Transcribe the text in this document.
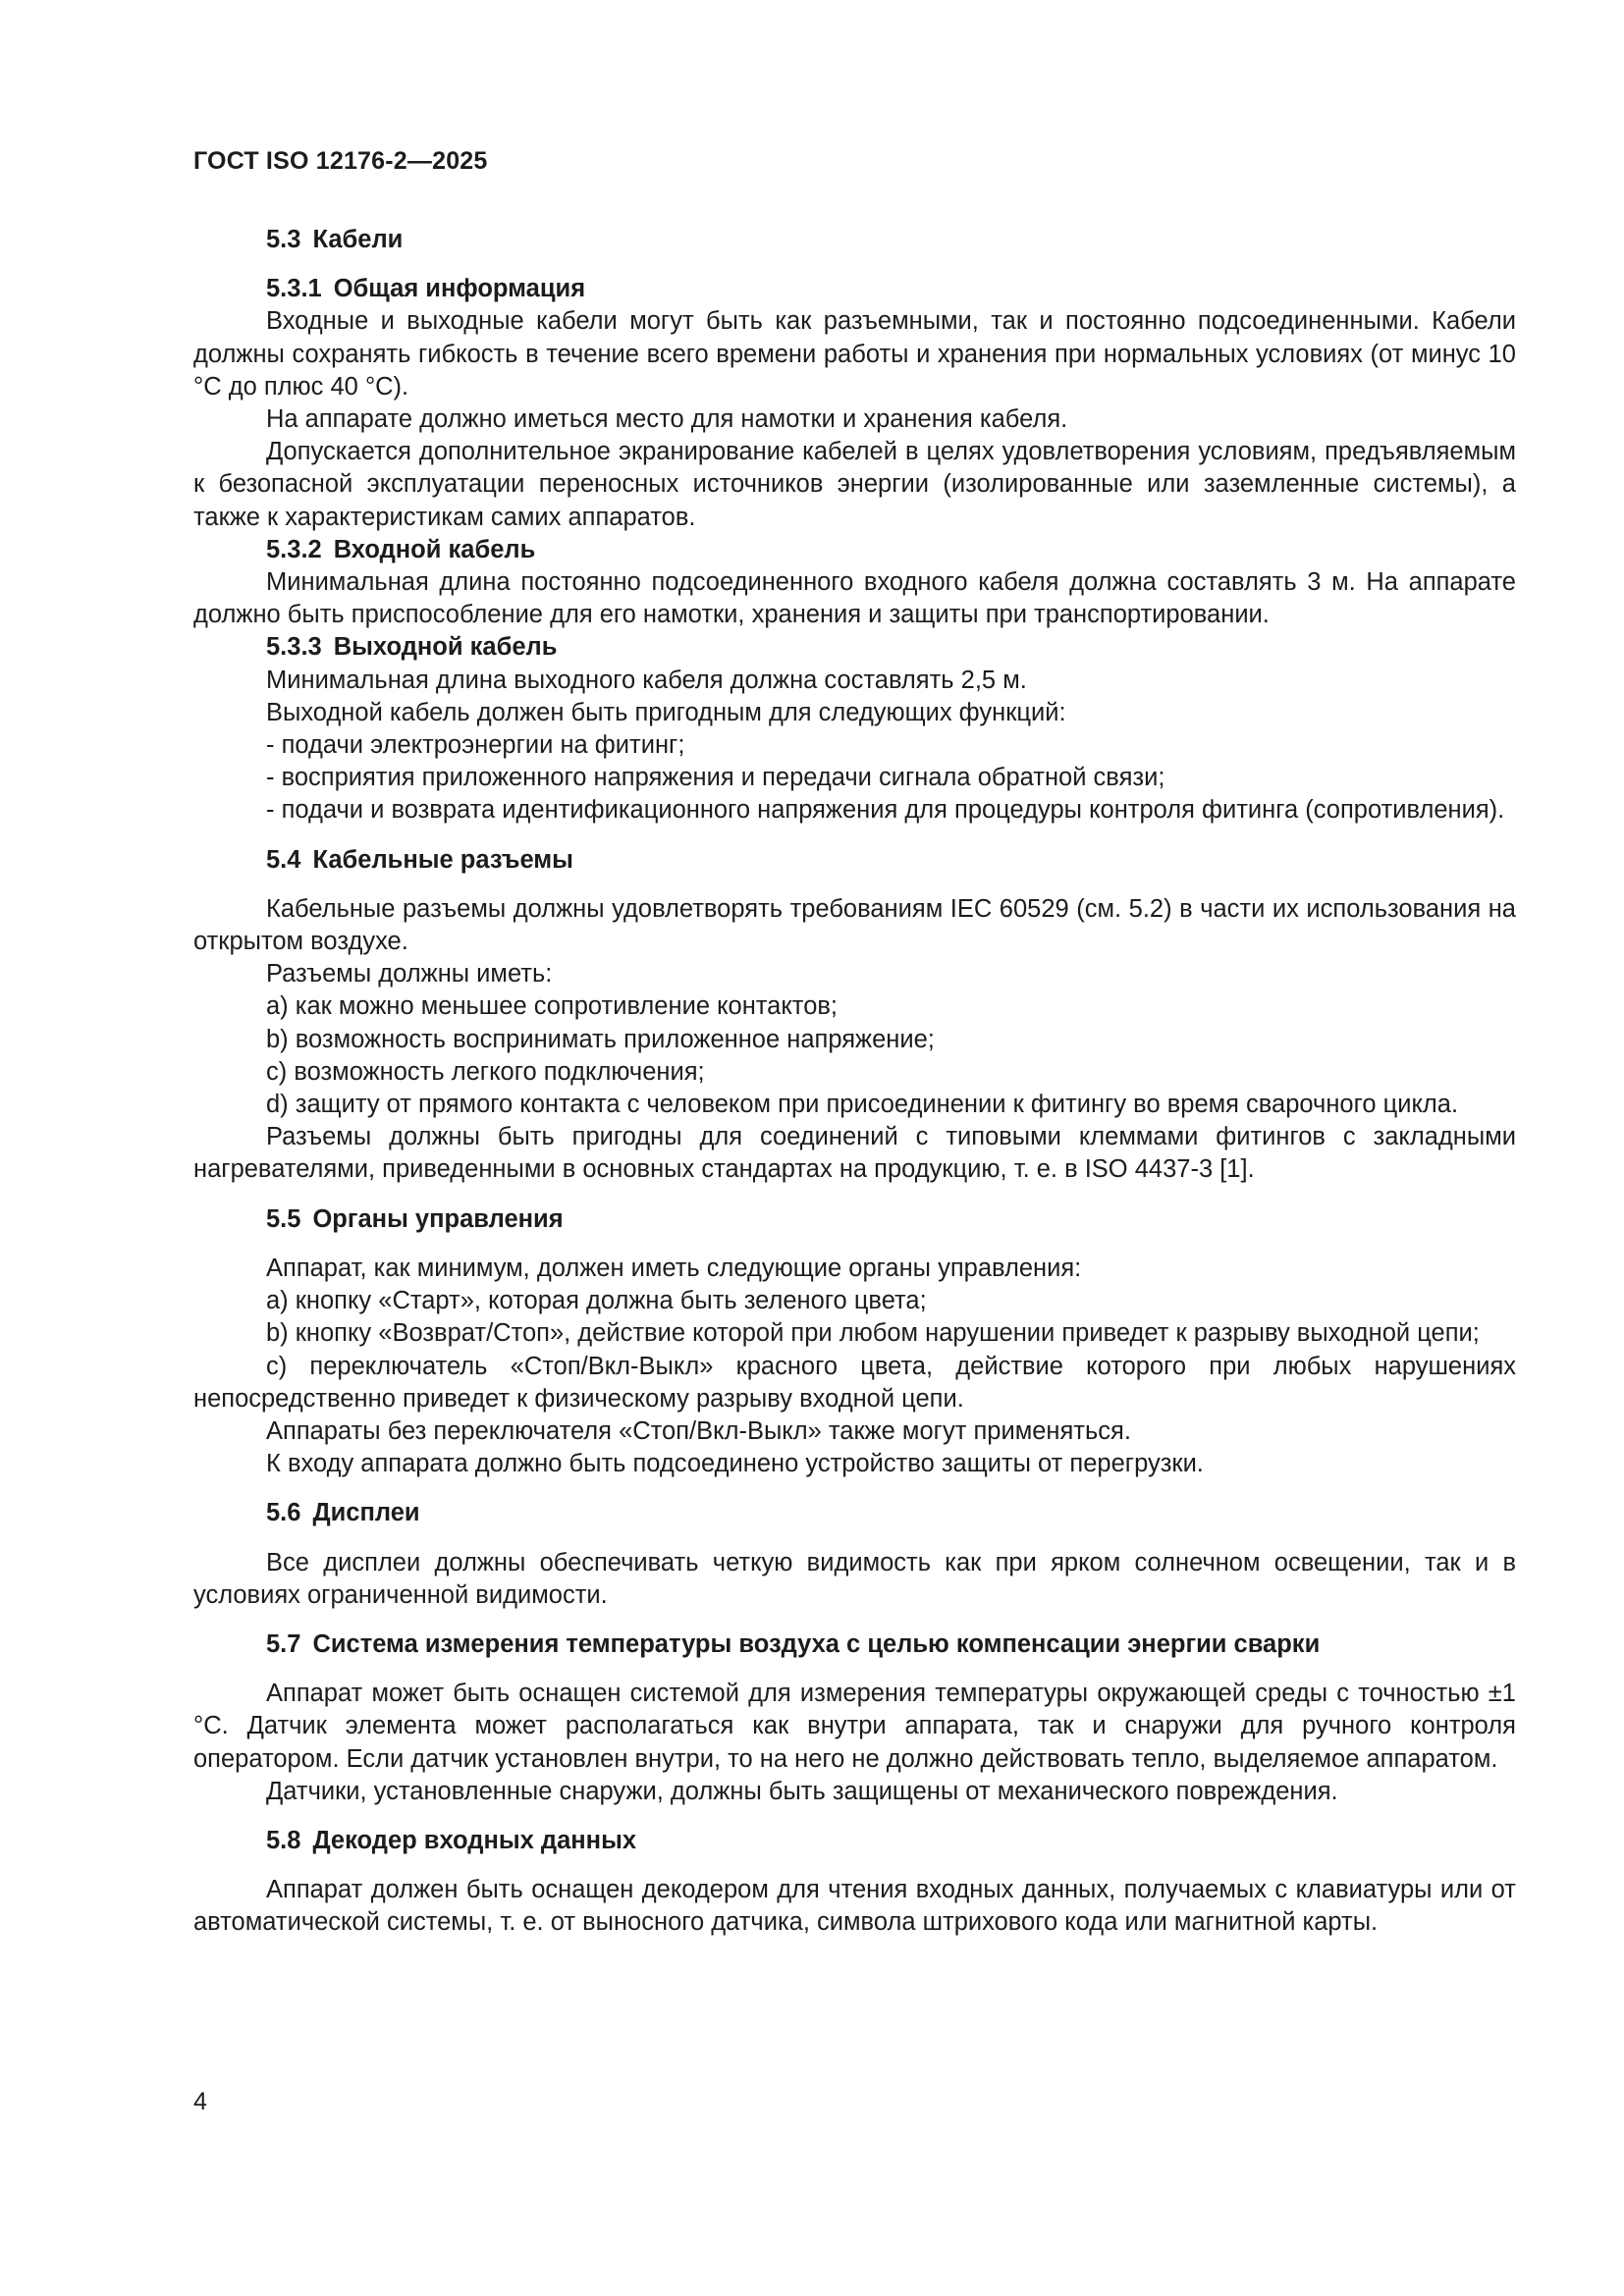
ГОСТ ISO 12176-2—2025

5.3 Кабели

5.3.1 Общая информация

Входные и выходные кабели могут быть как разъемными, так и постоянно подсоединенными. Кабели должны сохранять гибкость в течение всего времени работы и хранения при нормальных условиях (от минус 10 °С до плюс 40 °С).

На аппарате должно иметься место для намотки и хранения кабеля.

Допускается дополнительное экранирование кабелей в целях удовлетворения условиям, предъявляемым к безопасной эксплуатации переносных источников энергии (изолированные или заземленные системы), а также к характеристикам самих аппаратов.

5.3.2 Входной кабель

Минимальная длина постоянно подсоединенного входного кабеля должна составлять 3 м. На аппарате должно быть приспособление для его намотки, хранения и защиты при транспортировании.

5.3.3 Выходной кабель

Минимальная длина выходного кабеля должна составлять 2,5 м.

Выходной кабель должен быть пригодным для следующих функций:

- подачи электроэнергии на фитинг;

- восприятия приложенного напряжения и передачи сигнала обратной связи;

- подачи и возврата идентификационного напряжения для процедуры контроля фитинга (сопротивления).

5.4 Кабельные разъемы

Кабельные разъемы должны удовлетворять требованиям IEC 60529 (см. 5.2) в части их использования на открытом воздухе.

Разъемы должны иметь:

a) как можно меньшее сопротивление контактов;

b) возможность воспринимать приложенное напряжение;

c) возможность легкого подключения;

d) защиту от прямого контакта с человеком при присоединении к фитингу во время сварочного цикла.

Разъемы должны быть пригодны для соединений с типовыми клеммами фитингов с закладными нагревателями, приведенными в основных стандартах на продукцию, т. е. в ISO 4437-3 [1].

5.5 Органы управления

Аппарат, как минимум, должен иметь следующие органы управления:

a) кнопку «Старт», которая должна быть зеленого цвета;

b) кнопку «Возврат/Стоп», действие которой при любом нарушении приведет к разрыву выходной цепи;

c) переключатель «Стоп/Вкл-Выкл» красного цвета, действие которого при любых нарушениях непосредственно приведет к физическому разрыву входной цепи.

Аппараты без переключателя «Стоп/Вкл-Выкл» также могут применяться.

К входу аппарата должно быть подсоединено устройство защиты от перегрузки.

5.6 Дисплеи

Все дисплеи должны обеспечивать четкую видимость как при ярком солнечном освещении, так и в условиях ограниченной видимости.

5.7 Система измерения температуры воздуха с целью компенсации энергии сварки

Аппарат может быть оснащен системой для измерения температуры окружающей среды с точностью ±1 °С. Датчик элемента может располагаться как внутри аппарата, так и снаружи для ручного контроля оператором. Если датчик установлен внутри, то на него не должно действовать тепло, выделяемое аппаратом.

Датчики, установленные снаружи, должны быть защищены от механического повреждения.

5.8 Декодер входных данных

Аппарат должен быть оснащен декодером для чтения входных данных, получаемых с клавиатуры или от автоматической системы, т. е. от выносного датчика, символа штрихового кода или магнитной карты.

4
